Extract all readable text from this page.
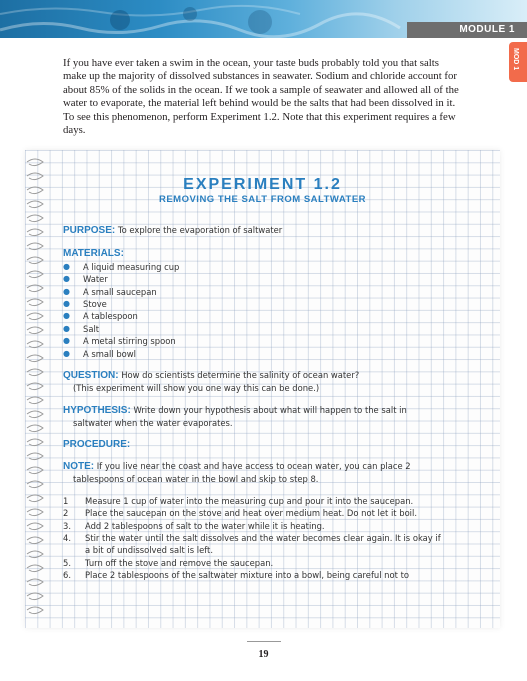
MODULE 1
MOD 1

If you have ever taken a swim in the ocean, your taste buds probably told you that salts make up the majority of dissolved substances in seawater. Sodium and chloride account for about 85% of the solids in the ocean. If we took a sample of seawater and allowed all of the water to evaporate, the material left behind would be the salts that had been dissolved in it. To see this phenomenon, perform Experiment 1.2. Note that this experiment requires a few days.

EXPERIMENT 1.2
REMOVING THE SALT FROM SALTWATER

PURPOSE: To explore the evaporation of saltwater

MATERIALS:

● A liquid measuring cup
● Water
● A small saucepan
● Stove
● A tablespoon
● Salt
● A metal stirring spoon
● A small bowl

QUESTION: How do scientists determine the salinity of ocean water?

(This experiment will show you one way this can be done.)

HYPOTHESIS: Write down your hypothesis about what will happen to the salt in

saltwater when the water evaporates.

PROCEDURE:

NOTE: If you live near the coast and have access to ocean water, you can place 2

tablespoons of ocean water in the bowl and skip to step 8.

1 Measure 1 cup of water into the measuring cup and pour it into the saucepan.
2 Place the saucepan on the stove and heat over medium heat. Do not let it boil.
3. Add 2 tablespoons of salt to the water while it is heating.
4. Stir the water until the salt dissolves and the water becomes clear again. It is okay if
a bit of undissolved salt is left.
5. Turn off the stove and remove the saucepan.
6. Place 2 tablespoons of the saltwater mixture into a bowl, being careful not to
19
